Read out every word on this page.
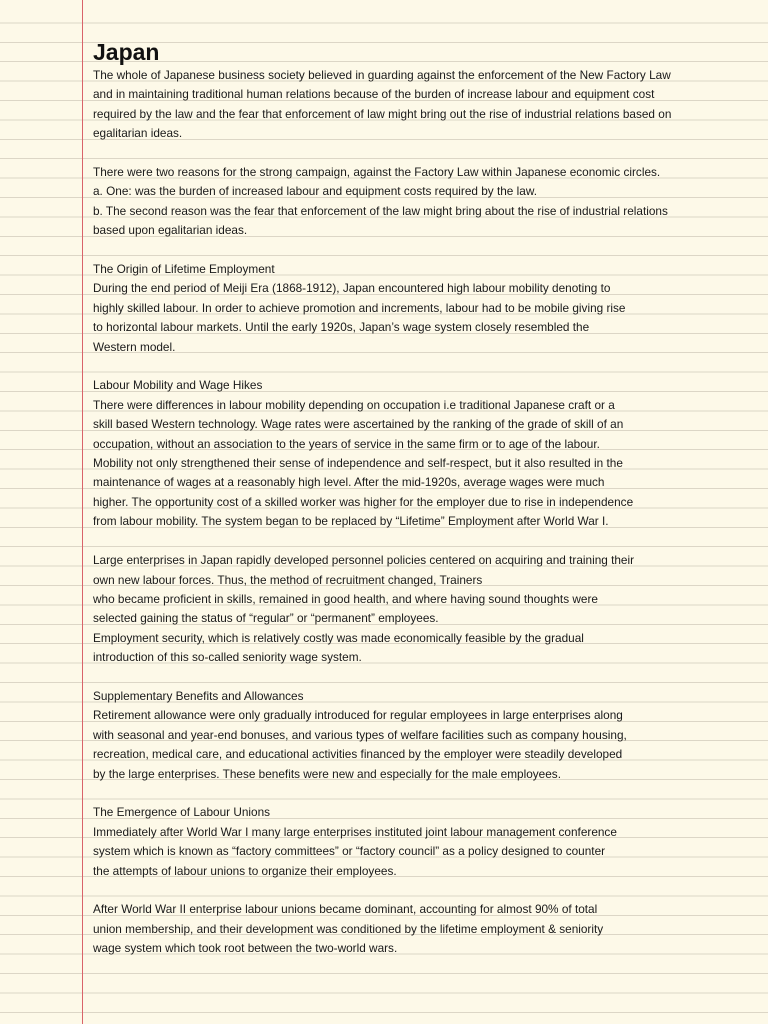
Japan
The whole of Japanese business society believed in guarding against the enforcement of the New Factory Law
and in maintaining traditional human relations because of the burden of increase labour and equipment cost
required by the law and the fear that enforcement of law might bring out the rise of industrial relations based on
egalitarian ideas.
There were two reasons for the strong campaign, against the Factory Law within Japanese economic circles.
a. One: was the burden of increased labour and equipment costs required by the law.
b. The second reason was the fear that enforcement of the law might bring about the rise of industrial relations
based upon egalitarian ideas.
The Origin of Lifetime Employment
During the end period of Meiji Era (1868-1912), Japan encountered high labour mobility denoting to
highly skilled labour. In order to achieve promotion and increments, labour had to be mobile giving rise
to horizontal labour markets. Until the early 1920s, Japan’s wage system closely resembled the
Western model.
Labour Mobility and Wage Hikes
There were differences in labour mobility depending on occupation i.e traditional Japanese craft or a
skill based Western technology. Wage rates were ascertained by the ranking of the grade of skill of an
occupation, without an association to the years of service in the same firm or to age of the labour.
Mobility not only strengthened their sense of independence and self-respect, but it also resulted in the
maintenance of wages at a reasonably high level. After the mid-1920s, average wages were much
higher. The opportunity cost of a skilled worker was higher for the employer due to rise in independence
from labour mobility. The system began to be replaced by “Lifetime” Employment after World War I.
Large enterprises in Japan rapidly developed personnel policies centered on acquiring and training their
own new labour forces. Thus, the method of recruitment changed, Trainers
who became proficient in skills, remained in good health, and where having sound thoughts were
selected gaining the status of “regular” or “permanent” employees.
Employment security, which is relatively costly was made economically feasible by the gradual
introduction of this so-called seniority wage system.
Supplementary Benefits and Allowances
Retirement allowance were only gradually introduced for regular employees in large enterprises along
with seasonal and year-end bonuses, and various types of welfare facilities such as company housing,
recreation, medical care, and educational activities financed by the employer were steadily developed
by the large enterprises. These benefits were new and especially for the male employees.
The Emergence of Labour Unions
Immediately after World War I many large enterprises instituted joint labour management conference
system which is known as “factory committees” or “factory council” as a policy designed to counter
the attempts of labour unions to organize their employees.
After World War II enterprise labour unions became dominant, accounting for almost 90% of total
union membership, and their development was conditioned by the lifetime employment & seniority
wage system which took root between the two-world wars.
